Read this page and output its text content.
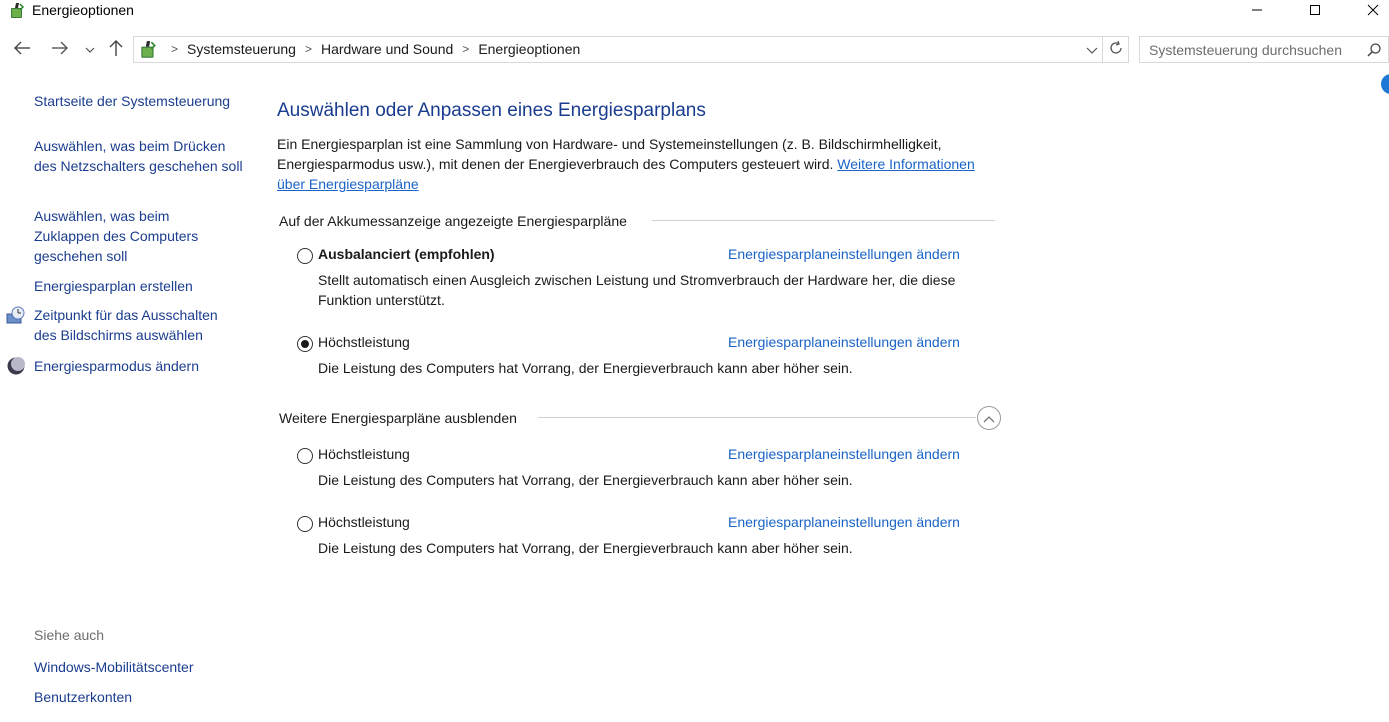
Energieoptionen
> Systemsteuerung > Hardware und Sound > Energieoptionen
Systemsteuerung durchsuchen
Startseite der Systemsteuerung
Auswählen, was beim Drücken des Netzschalters geschehen soll
Auswählen, was beim Zuklappen des Computers geschehen soll
Energiesparplan erstellen
Zeitpunkt für das Ausschalten des Bildschirms auswählen
Energiesparmodus ändern
Siehe auch
Windows-Mobilitätscenter
Benutzerkonten
Auswählen oder Anpassen eines Energiesparplans
Ein Energiesparplan ist eine Sammlung von Hardware- und Systemeinstellungen (z. B. Bildschirmhelligkeit, Energiesparmodus usw.), mit denen der Energieverbrauch des Computers gesteuert wird. Weitere Informationen über Energiesparpläne
Auf der Akkumessanzeige angezeigte Energiesparpläne
Ausbalanciert (empfohlen)	Energiesparplaneinstellungen ändern
Stellt automatisch einen Ausgleich zwischen Leistung und Stromverbrauch der Hardware her, die diese Funktion unterstützt.
Höchstleistung	Energiesparplaneinstellungen ändern
Die Leistung des Computers hat Vorrang, der Energieverbrauch kann aber höher sein.
Weitere Energiesparpläne ausblenden
Höchstleistung	Energiesparplaneinstellungen ändern
Die Leistung des Computers hat Vorrang, der Energieverbrauch kann aber höher sein.
Höchstleistung	Energiesparplaneinstellungen ändern
Die Leistung des Computers hat Vorrang, der Energieverbrauch kann aber höher sein.
